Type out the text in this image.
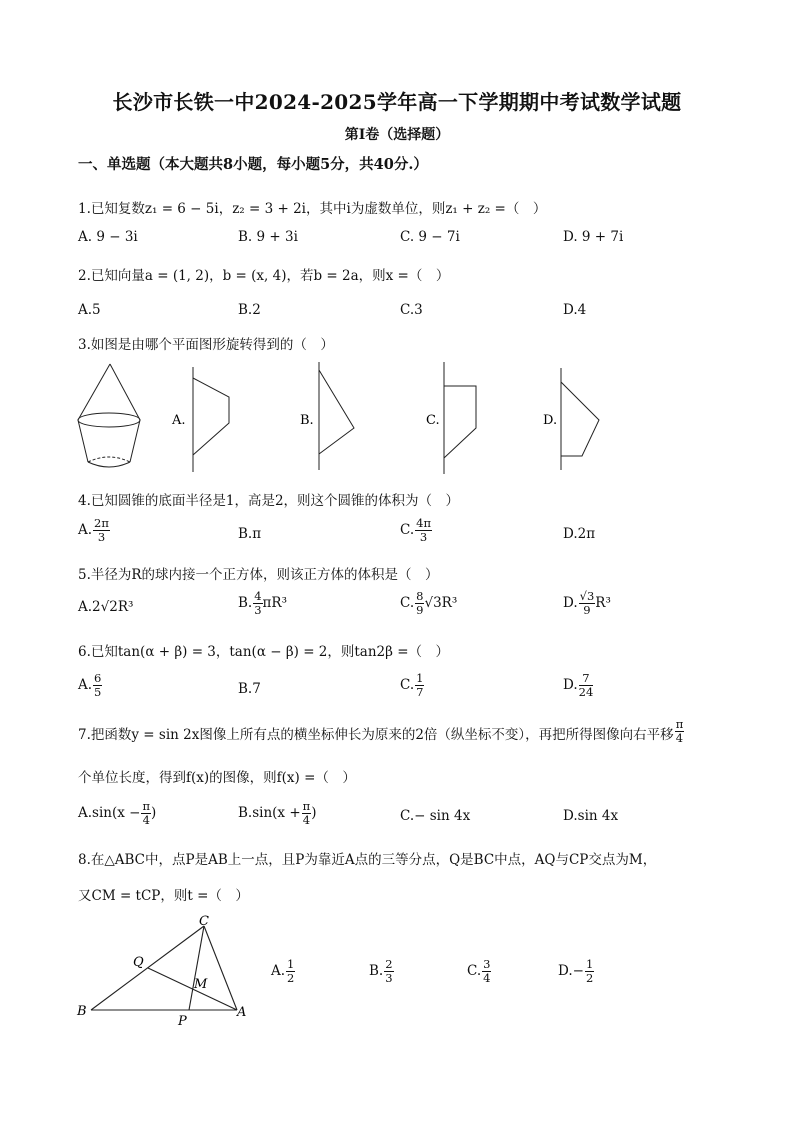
长沙市长铁一中2024-2025学年高一下学期期中考试数学试题
第Ⅰ卷（选择题）
一、单选题（本大题共8小题，每小题5分，共40分.）
1.已知复数z₁ = 6 − 5i，z₂ = 3 + 2i，其中i为虚数单位，则z₁ + z₂ =（　）
A. 9 − 3i	B. 9 + 3i	C. 9 − 7i	D. 9 + 7i
2.已知向量a = (1, 2)，b = (x, 4)，若b = 2a，则x =（　）
A.5	B.2	C.3	D.4
3.如图是由哪个平面图形旋转得到的（　）
A.	B.	C.	D.
4.已知圆锥的底面半径是1，高是2，则这个圆锥的体积为（　）
A. $\frac{2\pi}{3}$	B.π	C. $\frac{4\pi}{3}$	D.2π
5.半径为R的球内接一个正方体，则该正方体的体积是（　）
A.2√2R³	B. $\frac{4}{3} \pi R^3$	C. $\frac{8}{9} √3R^3$	D. $\frac{√3}{9} R^3$
6.已知tan(α + β) = 3，tan(α − β) = 2，则tan2β =（　）
A. $\frac{6}{5}$	B.7	C. $\frac{1}{7}$	D. $\frac{7}{24}$
7.把函数y = sin 2x图像上所有点的横坐标伸长为原来的2倍（纵坐标不变），再把所得图像向右平移 $\frac{\pi}{4}$
个单位长度，得到f(x)的图像，则f(x) =（　）
$A.\sin(x - \frac{\pi}{4}$ )	$B.\sin(x + \frac{\pi}{4}$ )	C.− sin 4x	D.sin 4x
8.在△ABC中，点P是AB上一点，且P为靠近A点的三等分点，Q是BC中点，AQ与CP交点为M，
又CM = tCP，则t =（　）
C
Q
M
B
P
A
A. $\frac{1}{2}$	B. $\frac{2}{3}$	C. $\frac{3}{4}$	$D.- \frac{1}{2}$
